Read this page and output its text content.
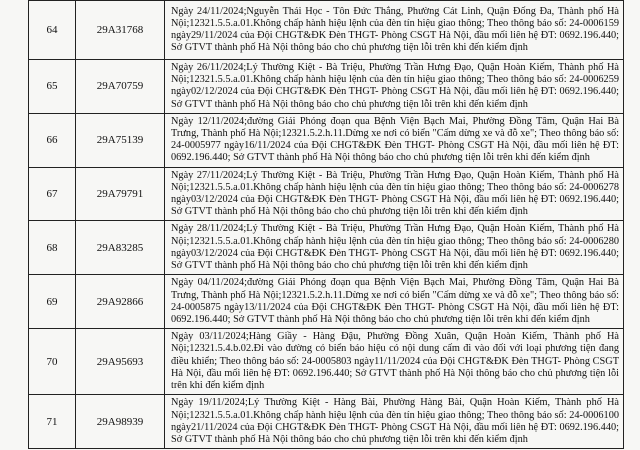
64	29A31768	Ngày 24/11/2024;Nguyễn Thái Học - Tôn Đức Thắng, Phường Cát Linh, Quận Đống Đa, Thành phố Hà Nội;12321.5.5.a.01.Không chấp hành hiệu lệnh của đèn tín hiệu giao thông; Theo thông báo số: 24-0006159 ngày29/11/2024 của Đội CHGT&ĐK Đèn THGT- Phòng CSGT Hà Nội, đầu mối liên hệ ĐT: 0692.196.440; Sở GTVT thành phố Hà Nội thông báo cho chủ phương tiện lỗi trên khi đến kiểm định

65	29A70759	Ngày 26/11/2024;Lý Thường Kiệt - Bà Triệu, Phường Trần Hưng Đạo, Quận Hoàn Kiếm, Thành phố Hà Nội;12321.5.5.a.01.Không chấp hành hiệu lệnh của đèn tín hiệu giao thông; Theo thông báo số: 24-0006259 ngày02/12/2024 của Đội CHGT&ĐK Đèn THGT- Phòng CSGT Hà Nội, đầu mối liên hệ ĐT: 0692.196.440; Sở GTVT thành phố Hà Nội thông báo cho chủ phương tiện lỗi trên khi đến kiểm định

66	29A75139	Ngày 12/11/2024;đường Giải Phóng đoạn qua Bệnh Viện Bạch Mai, Phường Đồng Tâm, Quận Hai Bà Trưng, Thành phố Hà Nội;12321.5.2.h.11.Dừng xe nơi có biển "Cấm dừng xe và đỗ xe"; Theo thông báo số: 24-0005977 ngày16/11/2024 của Đội CHGT&ĐK Đèn THGT- Phòng CSGT Hà Nội, đầu mối liên hệ ĐT: 0692.196.440; Sở GTVT thành phố Hà Nội thông báo cho chủ phương tiện lỗi trên khi đến kiểm định

67	29A79791	Ngày 27/11/2024;Lý Thường Kiệt - Bà Triệu, Phường Trần Hưng Đạo, Quận Hoàn Kiếm, Thành phố Hà Nội;12321.5.5.a.01.Không chấp hành hiệu lệnh của đèn tín hiệu giao thông; Theo thông báo số: 24-0006278 ngày03/12/2024 của Đội CHGT&ĐK Đèn THGT- Phòng CSGT Hà Nội, đầu mối liên hệ ĐT: 0692.196.440; Sở GTVT thành phố Hà Nội thông báo cho chủ phương tiện lỗi trên khi đến kiểm định

68	29A83285	Ngày 28/11/2024;Lý Thường Kiệt - Bà Triệu, Phường Trần Hưng Đạo, Quận Hoàn Kiếm, Thành phố Hà Nội;12321.5.5.a.01.Không chấp hành hiệu lệnh của đèn tín hiệu giao thông; Theo thông báo số: 24-0006280 ngày03/12/2024 của Đội CHGT&ĐK Đèn THGT- Phòng CSGT Hà Nội, đầu mối liên hệ ĐT: 0692.196.440; Sở GTVT thành phố Hà Nội thông báo cho chủ phương tiện lỗi trên khi đến kiểm định

69	29A92866	Ngày 04/11/2024;đường Giải Phóng đoạn qua Bệnh Viện Bạch Mai, Phường Đồng Tâm, Quận Hai Bà Trưng, Thành phố Hà Nội;12321.5.2.h.11.Dừng xe nơi có biển "Cấm dừng xe và đỗ xe"; Theo thông báo số: 24-0005875 ngày13/11/2024 của Đội CHGT&ĐK Đèn THGT- Phòng CSGT Hà Nội, đầu mối liên hệ ĐT: 0692.196.440; Sở GTVT thành phố Hà Nội thông báo cho chủ phương tiện lỗi trên khi đến kiểm định

70	29A95693	Ngày 03/11/2024;Hàng Giầy - Hàng Đậu, Phường Đồng Xuân, Quận Hoàn Kiếm, Thành phố Hà Nội;12321.5.4.b.02.Đi vào đường có biển báo hiệu có nội dung cấm đi vào đối với loại phương tiện đang điều khiển; Theo thông báo số: 24-0005803 ngày11/11/2024 của Đội CHGT&ĐK Đèn THGT- Phòng CSGT Hà Nội, đầu mối liên hệ ĐT: 0692.196.440; Sở GTVT thành phố Hà Nội thông báo cho chủ phương tiện lỗi trên khi đến kiểm định

71	29A98939	Ngày 19/11/2024;Lý Thường Kiệt - Hàng Bài, Phường Hàng Bài, Quận Hoàn Kiếm, Thành phố Hà Nội;12321.5.5.a.01.Không chấp hành hiệu lệnh của đèn tín hiệu giao thông; Theo thông báo số: 24-0006100 ngày21/11/2024 của Đội CHGT&ĐK Đèn THGT- Phòng CSGT Hà Nội, đầu mối liên hệ ĐT: 0692.196.440; Sở GTVT thành phố Hà Nội thông báo cho chủ phương tiện lỗi trên khi đến kiểm định
